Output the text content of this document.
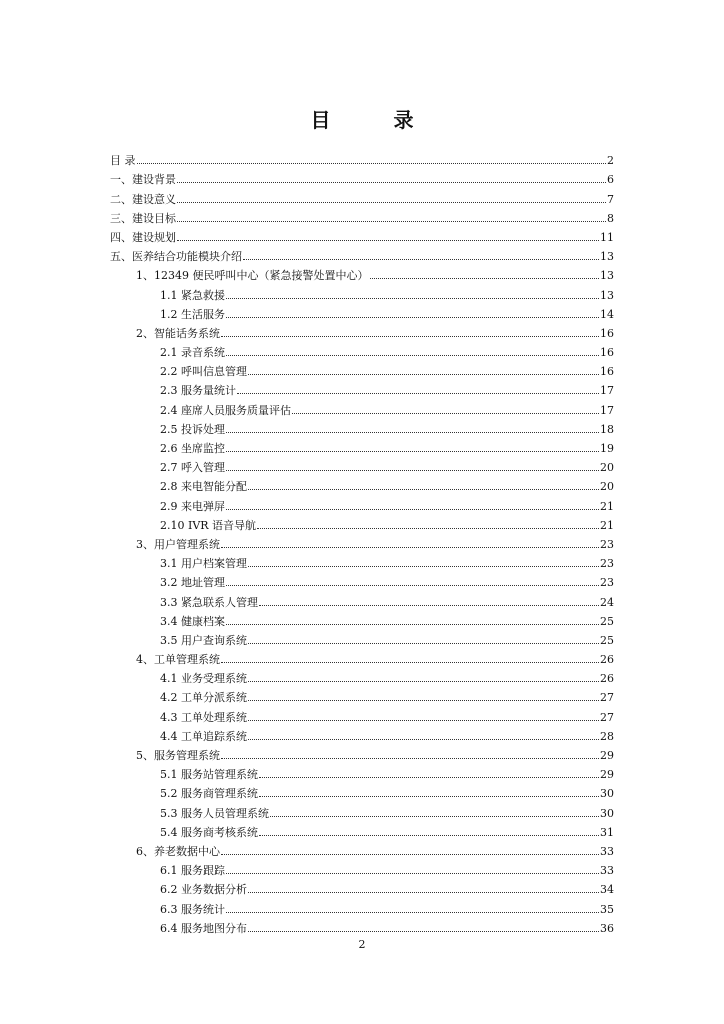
目 录
目 录	2
一、建设背景	6
二、建设意义	7
三、建设目标	8
四、建设规划	11
五、医养结合功能模块介绍	13
1、12349 便民呼叫中心（紧急接警处置中心）	13
1.1 紧急救援	13
1.2 生活服务	14
2、智能话务系统	16
2.1 录音系统	16
2.2 呼叫信息管理	16
2.3 服务量统计	17
2.4 座席人员服务质量评估	17
2.5 投诉处理	18
2.6 坐席监控	19
2.7 呼入管理	20
2.8 来电智能分配	20
2.9 来电弹屏	21
2.10 IVR 语音导航	21
3、用户管理系统	23
3.1 用户档案管理	23
3.2 地址管理	23
3.3 紧急联系人管理	24
3.4 健康档案	25
3.5 用户查询系统	25
4、工单管理系统	26
4.1 业务受理系统	26
4.2 工单分派系统	27
4.3 工单处理系统	27
4.4 工单追踪系统	28
5、服务管理系统	29
5.1 服务站管理系统	29
5.2 服务商管理系统	30
5.3 服务人员管理系统	30
5.4 服务商考核系统	31
6、养老数据中心	33
6.1 服务跟踪	33
6.2 业务数据分析	34
6.3 服务统计	35
6.4 服务地图分布	36
2
